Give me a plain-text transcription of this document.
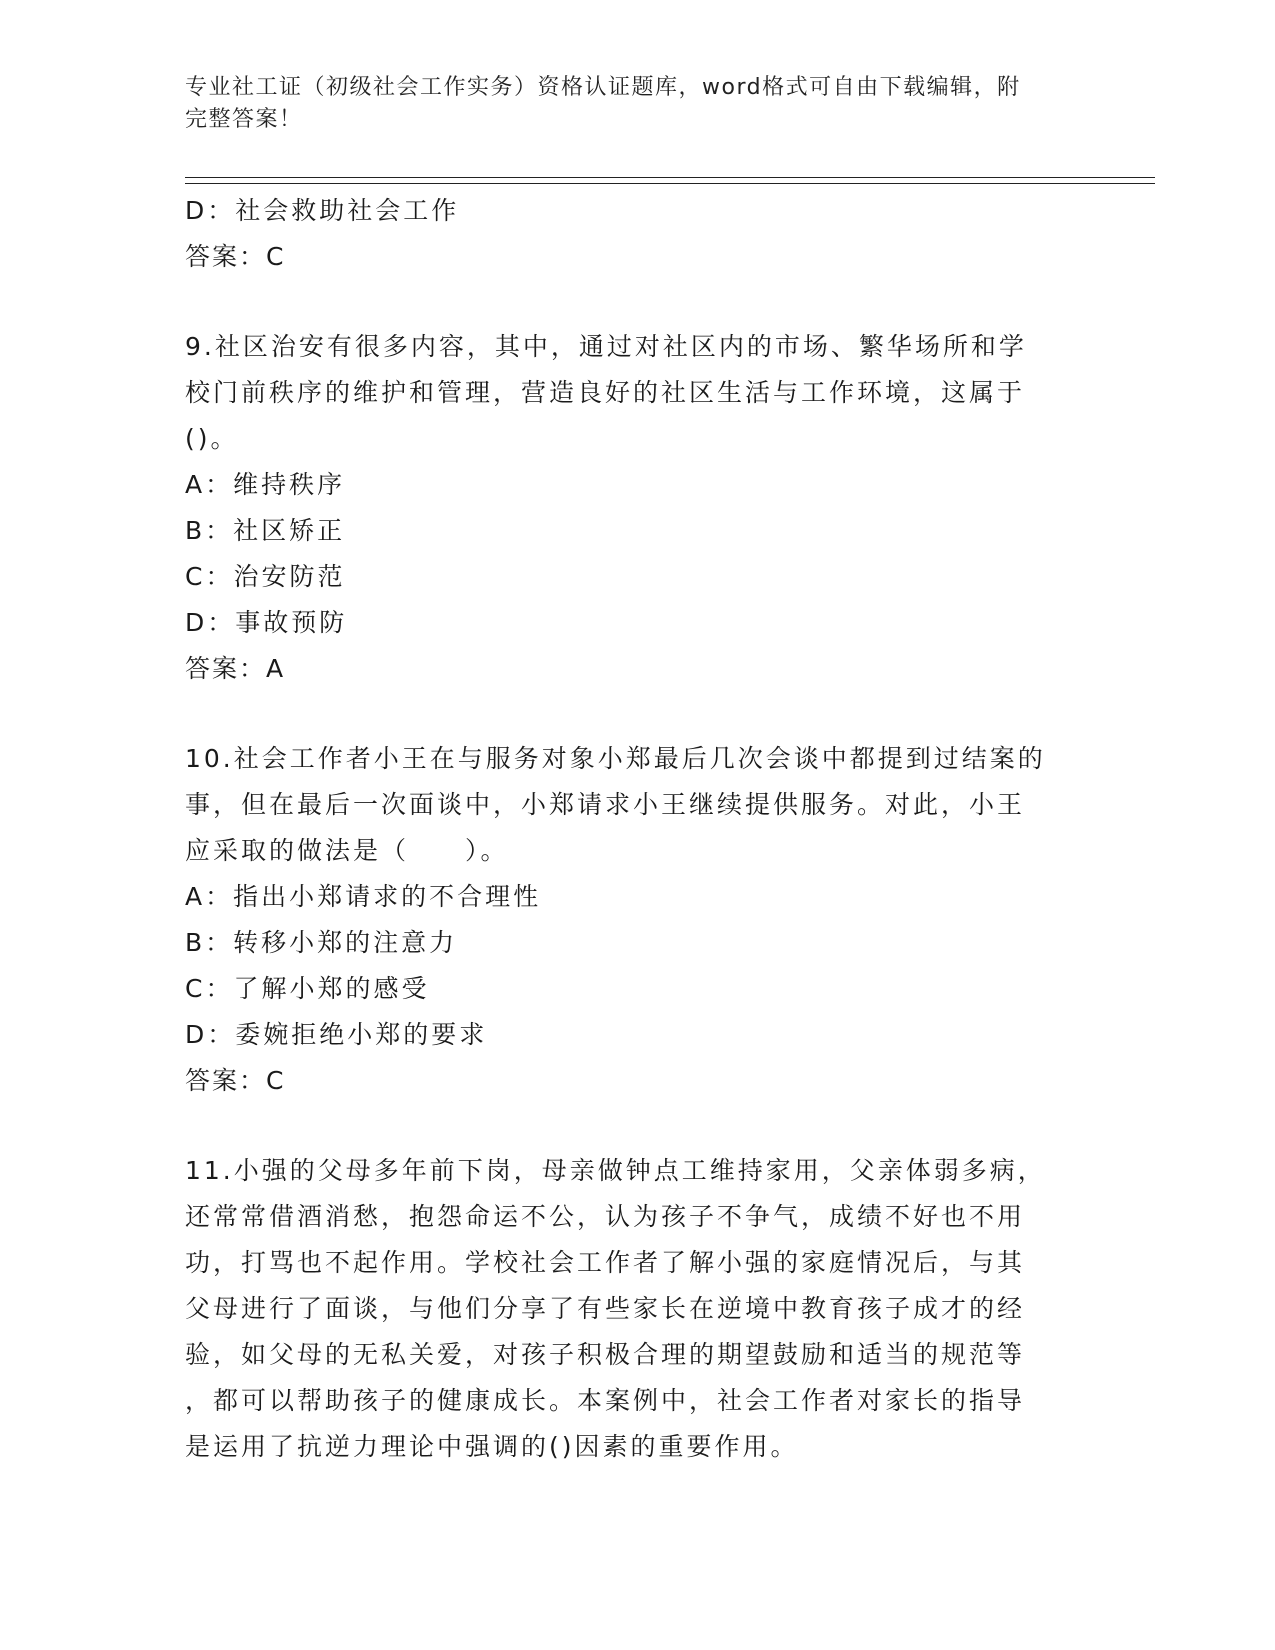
专业社工证（初级社会工作实务）资格认证题库，word格式可自由下载编辑，附
完整答案！
D：社会救助社会工作
答案：C
9.社区治安有很多内容，其中，通过对社区内的市场、繁华场所和学
校门前秩序的维护和管理，营造良好的社区生活与工作环境，这属于
()。
A：维持秩序
B：社区矫正
C：治安防范
D：事故预防
答案：A
10.社会工作者小王在与服务对象小郑最后几次会谈中都提到过结案的
事，但在最后一次面谈中，小郑请求小王继续提供服务。对此，小王
应采取的做法是（　　）。
A：指出小郑请求的不合理性
B：转移小郑的注意力
C：了解小郑的感受
D：委婉拒绝小郑的要求
答案：C
11.小强的父母多年前下岗，母亲做钟点工维持家用，父亲体弱多病，
还常常借酒消愁，抱怨命运不公，认为孩子不争气，成绩不好也不用
功，打骂也不起作用。学校社会工作者了解小强的家庭情况后，与其
父母进行了面谈，与他们分享了有些家长在逆境中教育孩子成才的经
验，如父母的无私关爱，对孩子积极合理的期望鼓励和适当的规范等
，都可以帮助孩子的健康成长。本案例中，社会工作者对家长的指导
是运用了抗逆力理论中强调的()因素的重要作用。
